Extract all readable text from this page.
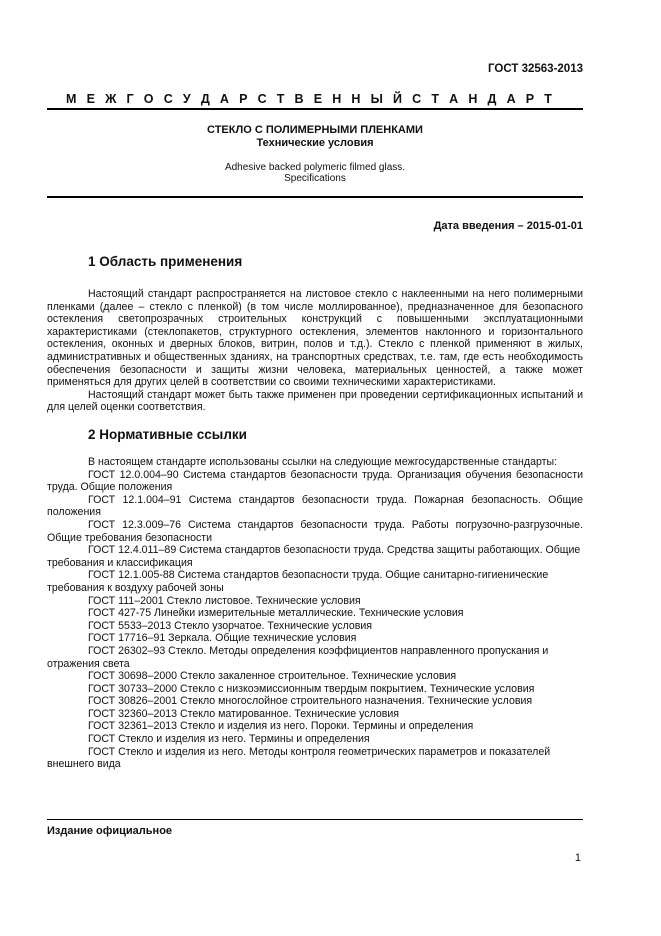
ГОСТ 32563-2013
М Е Ж Г О С У Д А Р С Т В Е Н Н Ы Й С Т А Н Д А Р Т
СТЕКЛО С ПОЛИМЕРНЫМИ ПЛЕНКАМИ
Технические условия
Adhesive backed polymeric filmed glass.
Specifications
Дата введения – 2015-01-01
1 Область применения

Настоящий стандарт распространяется на листовое стекло с наклеенными на него полимерными пленками (далее – стекло с пленкой) (в том числе моллированное), предназначенное для безопасного остекления светопрозрачных строительных конструкций с повышенными эксплуатационными характеристиками (стеклопакетов, структурного остекления, элементов наклонного и горизонтального остекления, оконных и дверных блоков, витрин, полов и т.д.). Стекло с пленкой применяют в жилых, административных и общественных зданиях, на транспортных средствах, т.е. там, где есть необходимость обеспечения безопасности и защиты жизни человека, материальных ценностей, а также может применяться для других целей в соответствии со своими техническими характеристиками.

Настоящий стандарт может быть также применен при проведении сертификационных испытаний и для целей оценки соответствия.

2 Нормативные ссылки

В настоящем стандарте использованы ссылки на следующие межгосударственные стандарты:

ГОСТ 12.0.004–90 Система стандартов безопасности труда. Организация обучения безопасности труда. Общие положения

ГОСТ 12.1.004–91 Система стандартов безопасности труда. Пожарная безопасность. Общие положения

ГОСТ 12.3.009–76 Система стандартов безопасности труда. Работы погрузочно-разгрузочные. Общие требования безопасности

ГОСТ 12.4.011–89 Система стандартов безопасности труда. Средства защиты работающих. Общие требования и классификация

ГОСТ 12.1.005-88 Система стандартов безопасности труда. Общие санитарно-гигиенические требования к воздуху рабочей зоны

ГОСТ 111–2001 Стекло листовое. Технические условия

ГОСТ 427-75 Линейки измерительные металлические. Технические условия

ГОСТ 5533–2013 Стекло узорчатое. Технические условия

ГОСТ 17716–91 Зеркала. Общие технические условия

ГОСТ 26302–93 Стекло. Методы определения коэффициентов направленного пропускания и отражения света

ГОСТ 30698–2000 Стекло закаленное строительное. Технические условия

ГОСТ 30733–2000 Стекло с низкоэмиссионным твердым покрытием. Технические условия

ГОСТ 30826–2001 Стекло многослойное строительного назначения. Технические условия

ГОСТ 32360–2013 Стекло матированное. Технические условия

ГОСТ 32361–2013 Стекло и изделия из него. Пороки. Термины и определения

ГОСТ Стекло и изделия из него. Термины и определения

ГОСТ Стекло и изделия из него. Методы контроля геометрических параметров и показателей внешнего вида

Издание официальное
1
